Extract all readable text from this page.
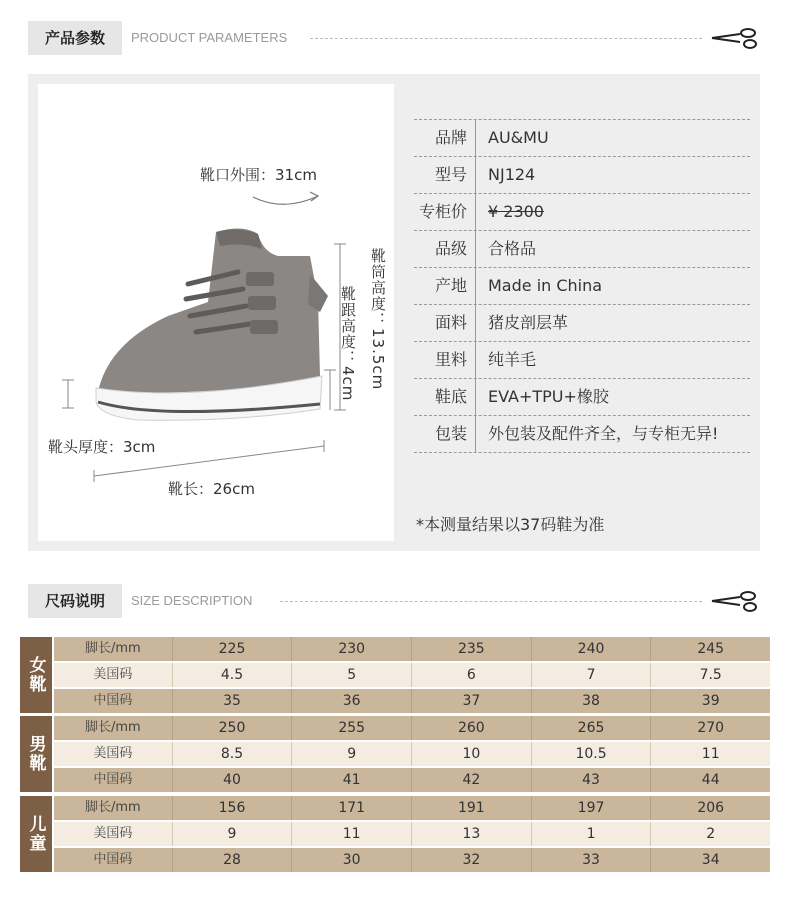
产品参数	PRODUCT PARAMETERS
靴口外围：31cm
靴筒高度：13.5cm
靴跟高度：4cm
靴头厚度：3cm
靴长：26cm
品牌	AU&MU
型号	NJ124
专柜价	¥ 2300
品级	合格品
产地	Made in China
面料	猪皮剖层革
里料	纯羊毛
鞋底	EVA+TPU+橡胶
包装	外包装及配件齐全，与专柜无异!
*本测量结果以37码鞋为准
尺码说明	SIZE DESCRIPTION
女靴
脚长/mm	225	230	235	240	245
美国码	4.5	5	6	7	7.5
中国码	35	36	37	38	39
男靴
脚长/mm	250	255	260	265	270
美国码	8.5	9	10	10.5	11
中国码	40	41	42	43	44
儿童
脚长/mm	156	171	191	197	206
美国码	9	11	13	1	2
中国码	28	30	32	33	34
